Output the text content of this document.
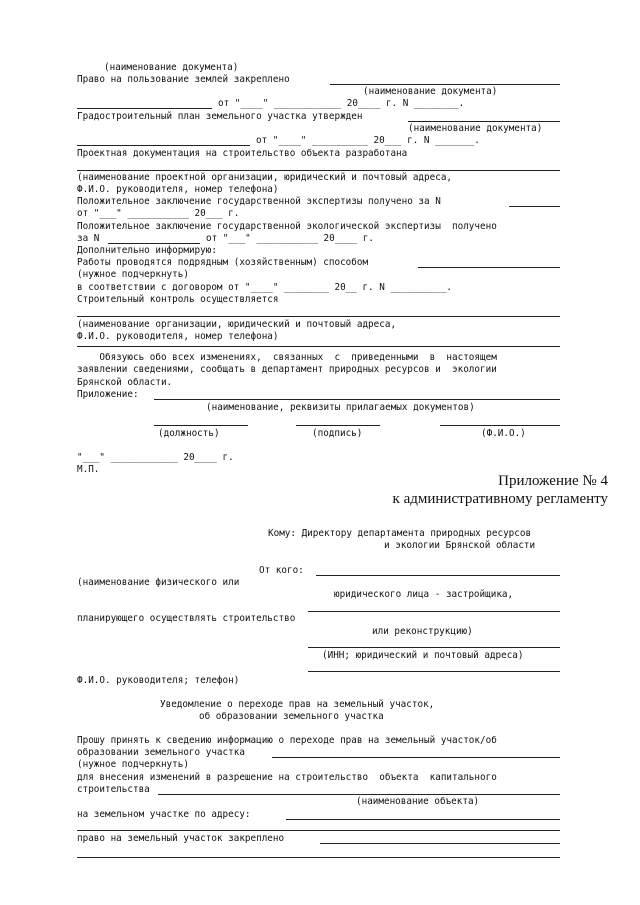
(наименование документа)
Право на пользование землей закреплено
(наименование документа)
от "____" ____________ 20____ г. N ________.
Градостроительный план земельного участка утвержден
(наименование документа)
от "____" __________ 20___ г. N _______.
Проектная документация на строительство объекта разработана
(наименование проектной организации, юридический и почтовый адреса,
Ф.И.О. руководителя, номер телефона)
Положительное заключение государственной экспертизы получено за N
от "___" ___________ 20___ г.
Положительное заключение государственной экологической экспертизы  получено
за N	от "___" ___________ 20____ г.
Дополнительно информирую:
Работы проводятся подрядным (хозяйственным) способом
(нужное подчеркнуть)
в соответствии с договором от "____" ________ 20__ г. N __________.
Строительный контроль осуществляется
(наименование организации, юридический и почтовый адреса,
Ф.И.О. руководителя, номер телефона)
Обязуюсь обо всех изменениях,  связанных  с  приведенными  в  настоящем
заявлении сведениями, сообщать в департамент природных ресурсов и  экологии
Брянской области.
Приложение:
(наименование, реквизиты прилагаемых документов)
(должность)	(подпись)	(Ф.И.О.)
"___" ____________ 20____ г.
М.П.
Приложение № 4
к административному регламенту
Кому: Директору департамента природных ресурсов
и экологии Брянской области
От кого:
(наименование физического или
юридического лица - застройщика,
планирующего осуществлять строительство
или реконструкцию)
(ИНН; юридический и почтовый адреса)
Ф.И.О. руководителя; телефон)
Уведомление о переходе прав на земельный участок,
об образовании земельного участка
Прошу принять к сведению информацию о переходе прав на земельный участок/об
образовании земельного участка
(нужное подчеркнуть)
для внесения изменений в разрешение на строительство  объекта  капитального
строительства
(наименование объекта)
на земельном участке по адресу:
право на земельный участок закреплено
